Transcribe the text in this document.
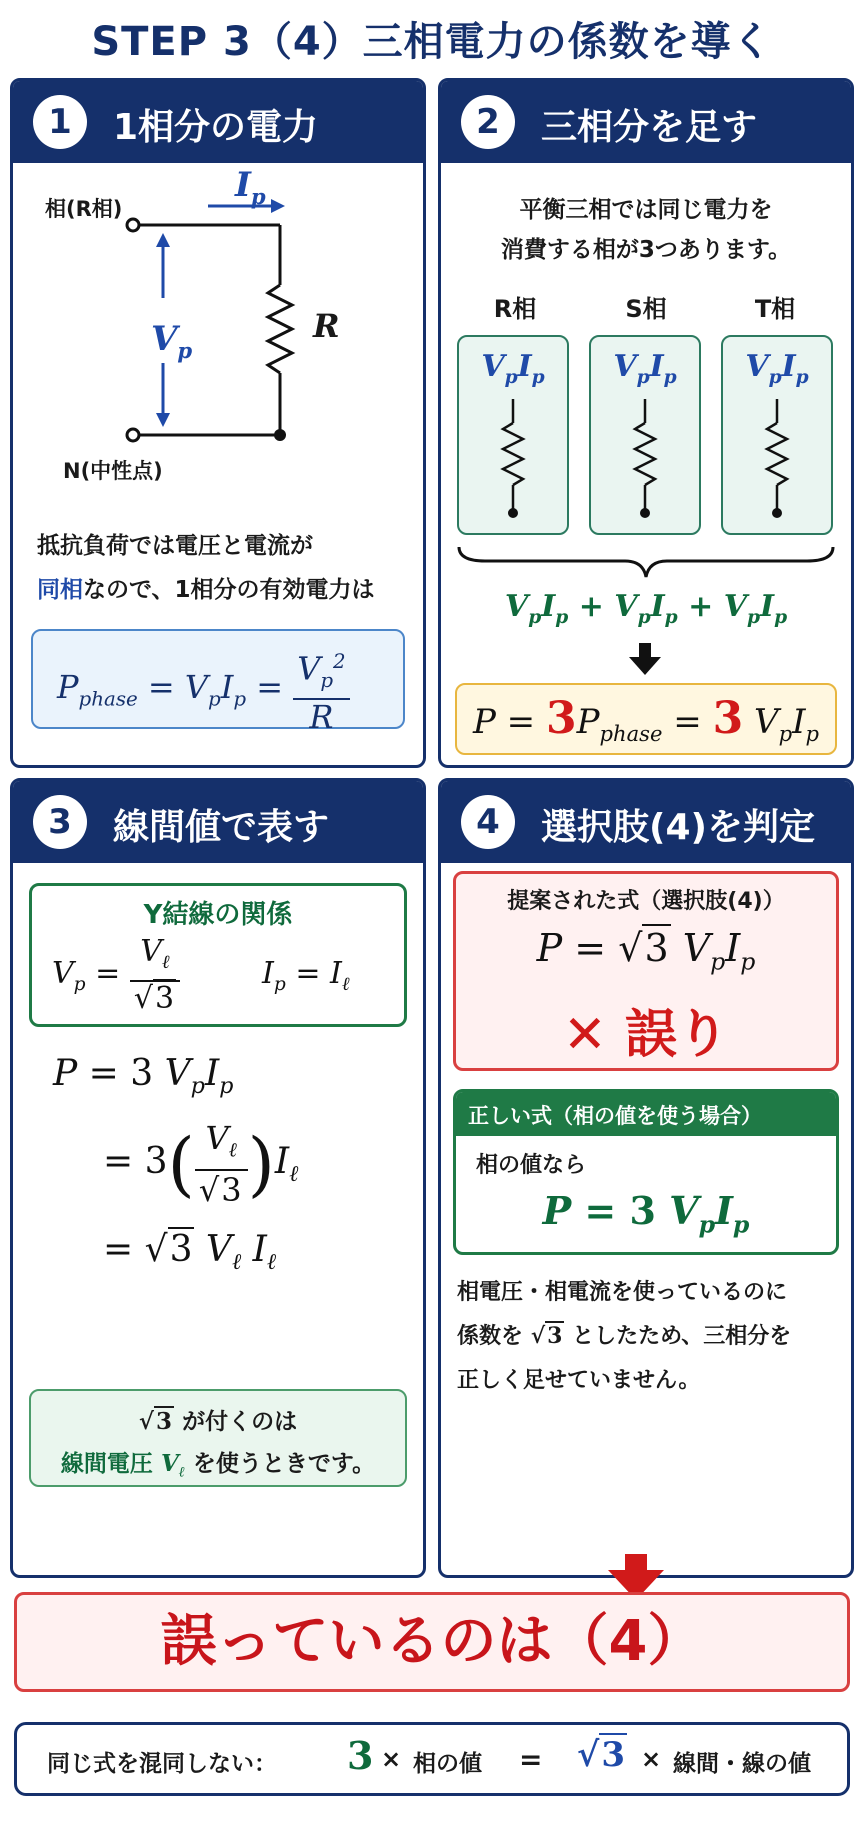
STEP 3（4）三相電力の係数を導く
1	1相分の電力
相(R相)
N(中性点)
$I_p$
$V_p$
R
抵抗負荷では電圧と電流が
同相なので、1相分の有効電力は
$P_{phase} = V_pI_p = \frac{V_p^2}{R}$
2	三相分を足す
平衡三相では同じ電力を
消費する相が3つあります。
R相	S相	T相
$V_pI_p$	$V_pI_p$	$V_pI_p$
$V_pI_p + V_pI_p + V_pI_p$
$P = 3P_{phase} = 3$ $V_pI_p$
3	線間値で表す
Y結線の関係
$V_p = \frac{V_\ell}{√3}$	$I_p = I_\ell$
P = 3 $V_pI_p$
= $3( \frac{V_\ell}{√3} )I_\ell$
= √3 $V_\ell$ $I_\ell$
√3 が付くのは
線間電圧 $V_\ell$ を使うときです。
4	選択肢(4)を判定
提案された式（選択肢(4)）
P = √3 $V_pI_p$
✕ 誤り
正しい式（相の値を使う場合）
相の値なら
P = 3 $V_pI_p$
相電圧・相電流を使っているのに
係数を √3 としたため、三相分を
正しく足せていません。
誤っているのは（4）
同じ式を混同しない： 3 × 相の値 = √3 × 線間・線の値
